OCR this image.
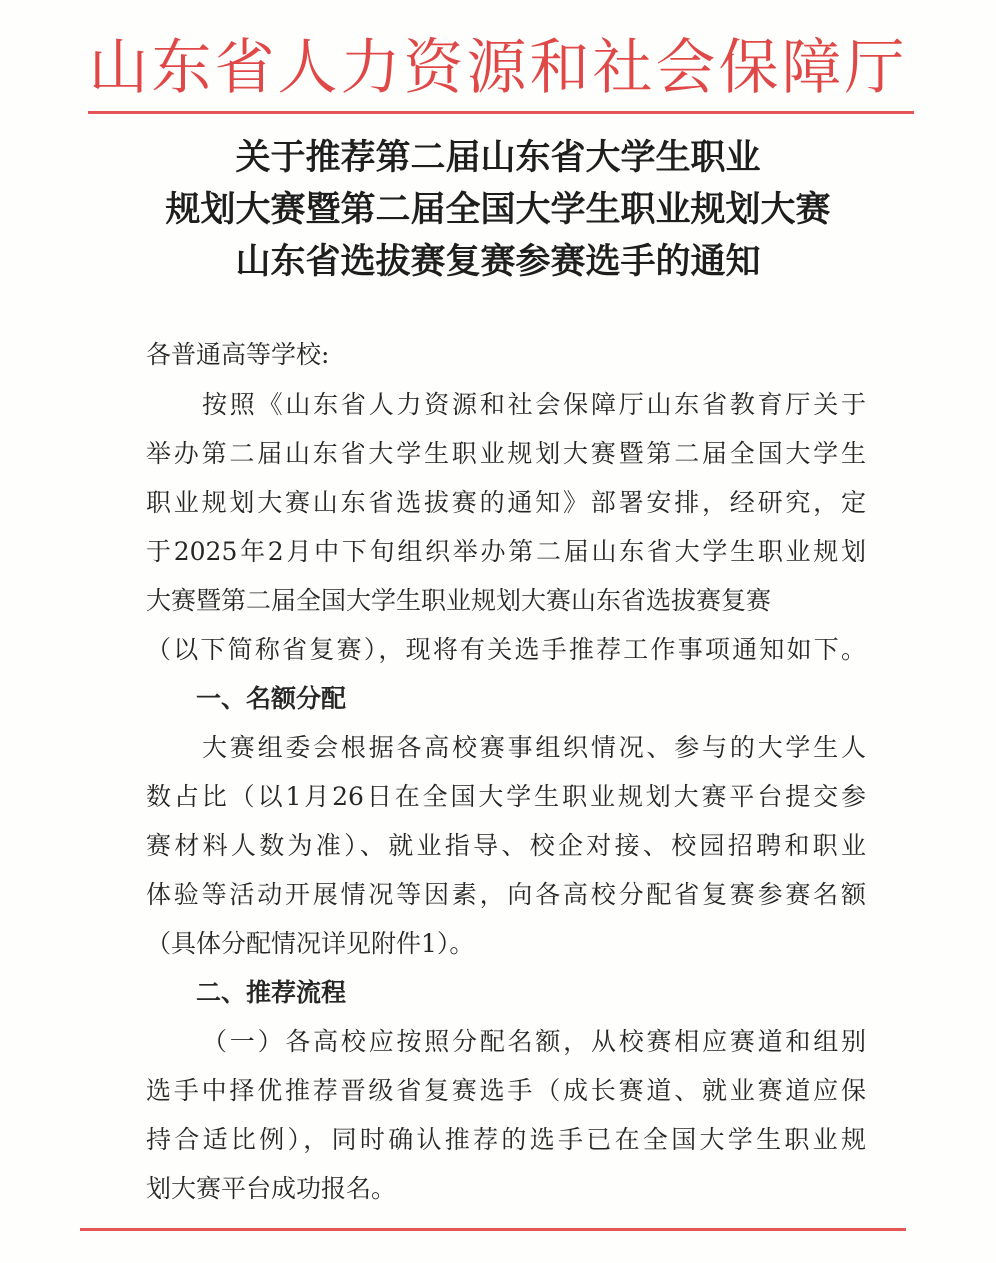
山东省人力资源和社会保障厅
关于推荐第二届山东省大学生职业
规划大赛暨第二届全国大学生职业规划大赛
山东省选拔赛复赛参赛选手的通知
各普通高等学校:
按照《山东省人力资源和社会保障厅山东省教育厅关于
举办第二届山东省大学生职业规划大赛暨第二届全国大学生
职业规划大赛山东省选拔赛的通知》部署安排，经研究，定
于2025年2月中下旬组织举办第二届山东省大学生职业规划
大赛暨第二届全国大学生职业规划大赛山东省选拔赛复赛
（以下简称省复赛），现将有关选手推荐工作事项通知如下。
一、名额分配
大赛组委会根据各高校赛事组织情况、参与的大学生人
数占比（以1月26日在全国大学生职业规划大赛平台提交参
赛材料人数为准）、就业指导、校企对接、校园招聘和职业
体验等活动开展情况等因素，向各高校分配省复赛参赛名额
（具体分配情况详见附件1）。
二、推荐流程
（一）各高校应按照分配名额，从校赛相应赛道和组别
选手中择优推荐晋级省复赛选手（成长赛道、就业赛道应保
持合适比例），同时确认推荐的选手已在全国大学生职业规
划大赛平台成功报名。
